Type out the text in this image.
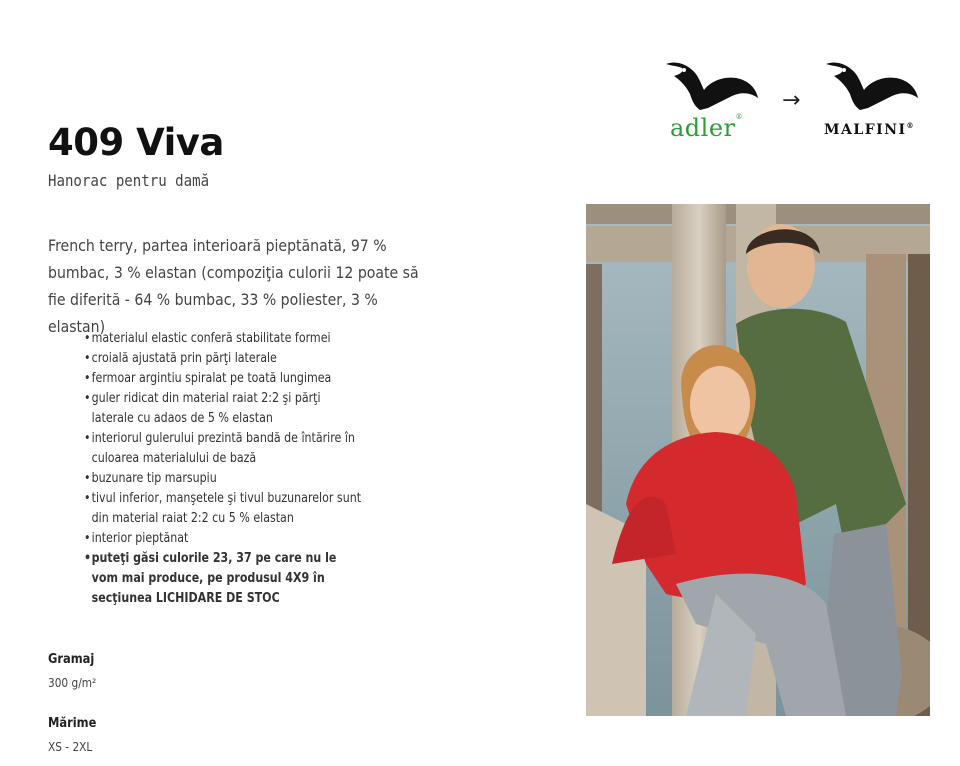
adler®
→
MALFINI®
409 Viva
Hanorac pentru damă

French terry, partea interioară pieptănată, 97 % bumbac, 3 % elastan (compoziţia culorii 12 poate să fie diferită - 64 % bumbac, 33 % poliester, 3 % elastan)

• materialul elastic conferă stabilitate formei
• croială ajustată prin părţi laterale
• fermoar argintiu spiralat pe toată lungimea
• guler ridicat din material raiat 2:2 şi părţi laterale cu adaos de 5 % elastan
• interiorul gulerului prezintă bandă de întărire în culoarea materialului de bază
• buzunare tip marsupiu
• tivul inferior, manşetele şi tivul buzunarelor sunt din material raiat 2:2 cu 5 % elastan
• interior pieptănat
• puteţi găsi culorile 23, 37 pe care nu le vom mai produce, pe produsul 4X9 în secţiunea LICHIDARE DE STOC
Gramaj
300 g/m²
Mărime
XS - 2XL
